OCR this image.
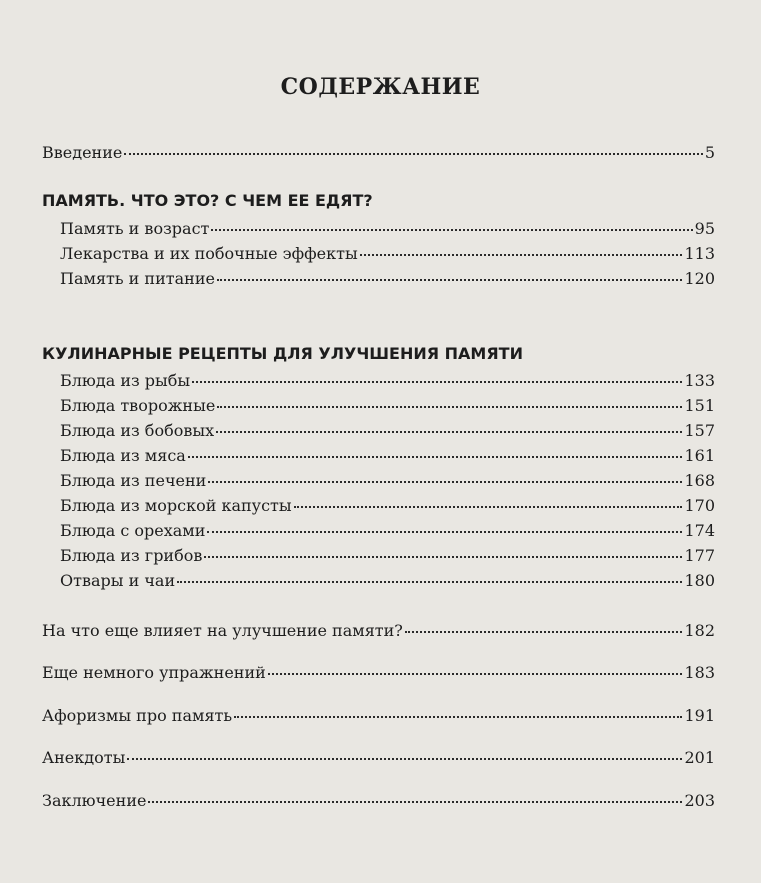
СОДЕРЖАНИЕ
Введение	5
ПАМЯТЬ. ЧТО ЭТО? С ЧЕМ ЕЕ ЕДЯТ?
Память и возраст	95
Лекарства и их побочные эффекты	113
Память и питание	120
КУЛИНАРНЫЕ РЕЦЕПТЫ ДЛЯ УЛУЧШЕНИЯ ПАМЯТИ
Блюда из рыбы	133
Блюда творожные	151
Блюда из бобовых	157
Блюда из мяса	161
Блюда из печени	168
Блюда из морской капусты	170
Блюда с орехами	174
Блюда из грибов	177
Отвары и чаи	180
На что еще влияет на улучшение памяти?	182
Еще немного упражнений	183
Афоризмы про память	191
Анекдоты	201
Заключение	203
